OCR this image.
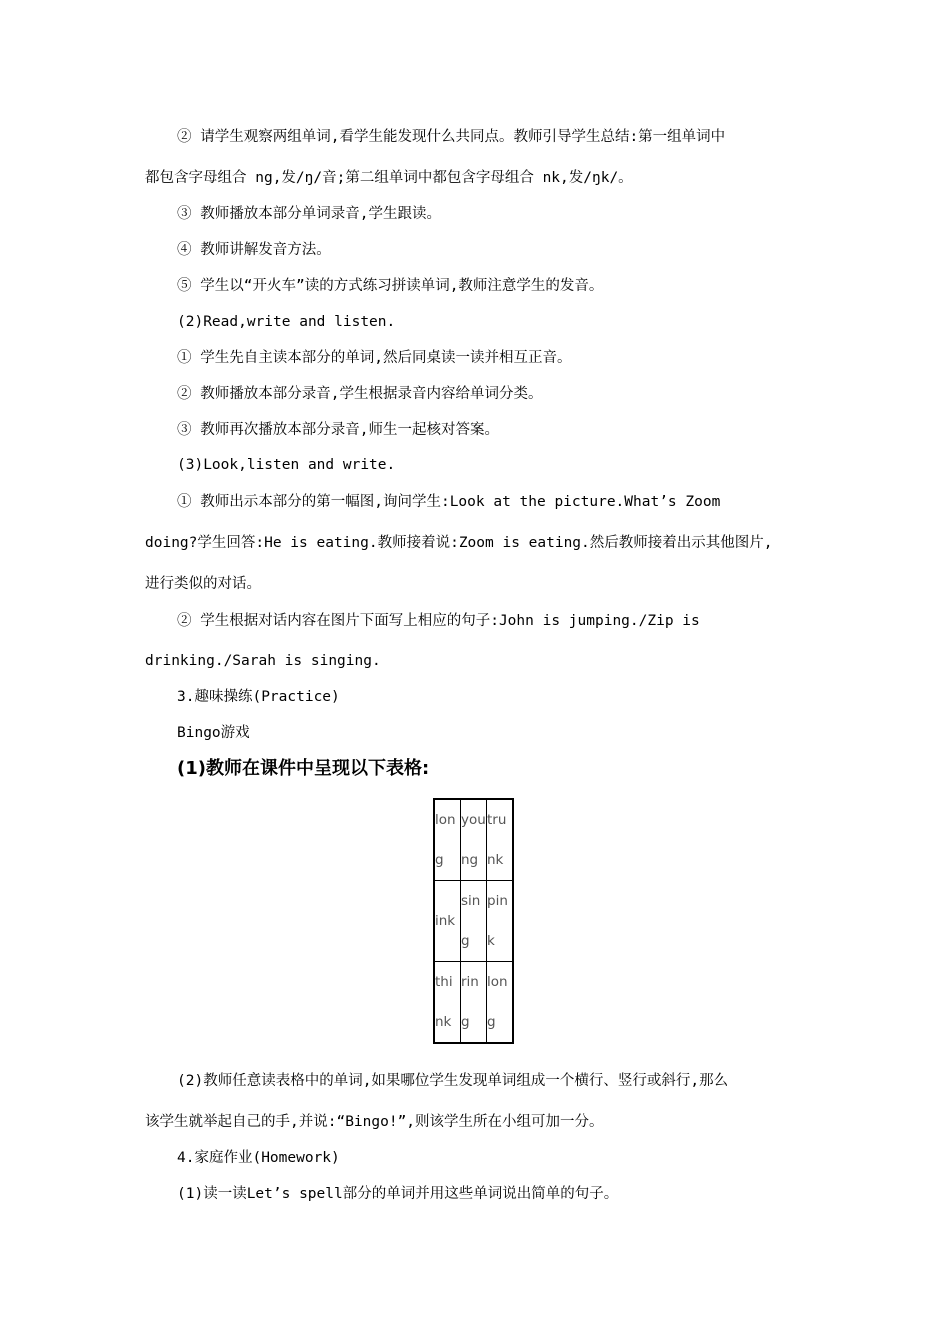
② 请学生观察两组单词,看学生能发现什么共同点。教师引导学生总结:第一组单词中
都包含字母组合 ng,发/ŋ/音;第二组单词中都包含字母组合 nk,发/ŋk/。
③ 教师播放本部分单词录音,学生跟读。
④ 教师讲解发音方法。
⑤ 学生以“开火车”读的方式练习拼读单词,教师注意学生的发音。
(2)Read,write and listen.
① 学生先自主读本部分的单词,然后同桌读一读并相互正音。
② 教师播放本部分录音,学生根据录音内容给单词分类。
③ 教师再次播放本部分录音,师生一起核对答案。
(3)Look,listen and write.
① 教师出示本部分的第一幅图,询问学生:Look at the picture.What’s Zoom
doing?学生回答:He is eating.教师接着说:Zoom is eating.然后教师接着出示其他图片,
进行类似的对话。
② 学生根据对话内容在图片下面写上相应的句子:John is jumping./Zip is
drinking./Sarah is singing.
3.趣味操练(Practice)
Bingo游戏
(1)教师在课件中呈现以下表格:
long	young	trunk

ink	sing	pink

think	ring	long
(2)教师任意读表格中的单词,如果哪位学生发现单词组成一个横行、竖行或斜行,那么
该学生就举起自己的手,并说:“Bingo!”,则该学生所在小组可加一分。
4.家庭作业(Homework)
(1)读一读Let’s spell部分的单词并用这些单词说出简单的句子。
